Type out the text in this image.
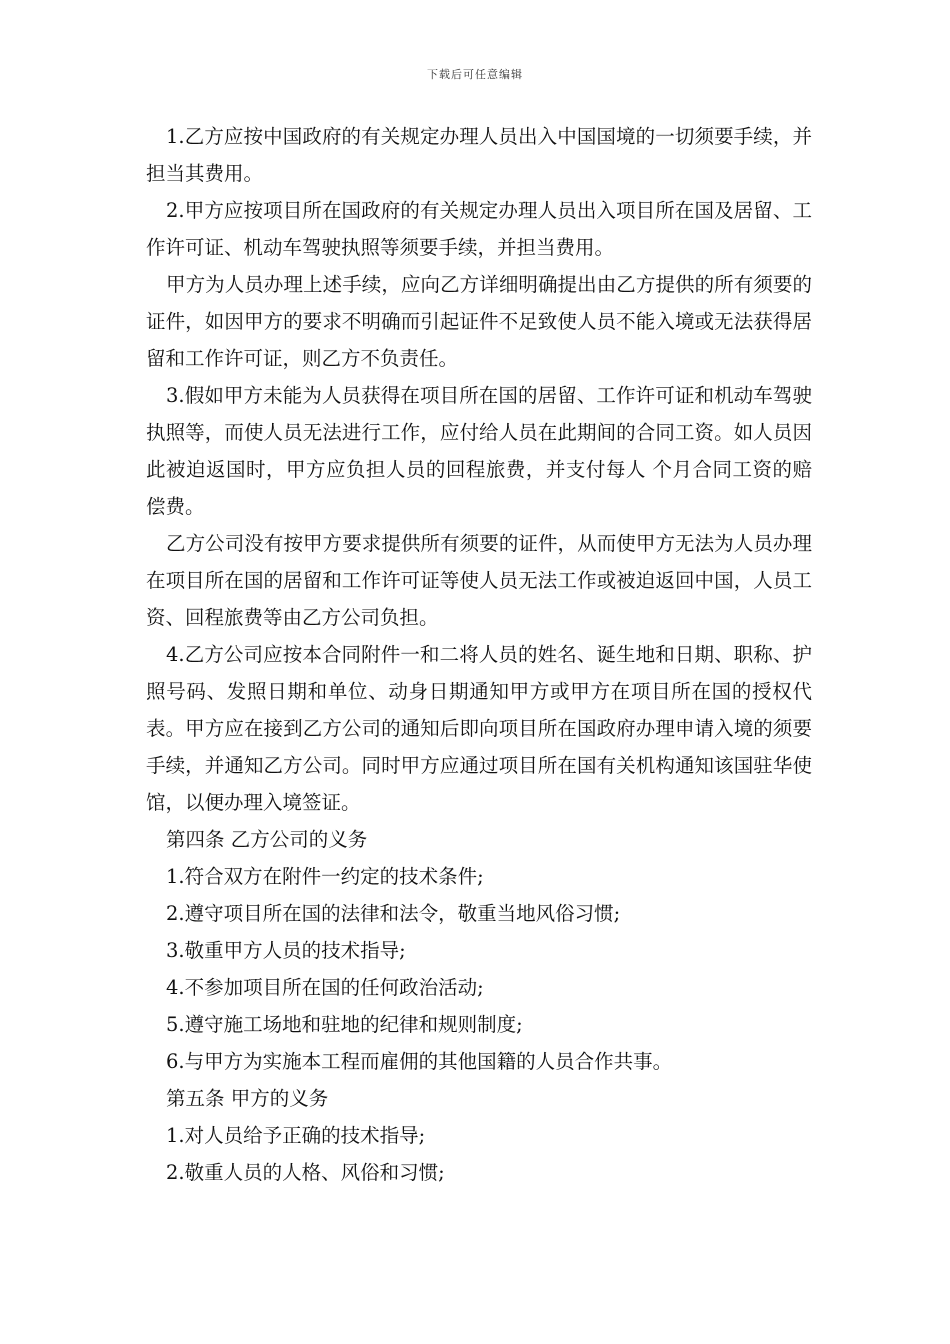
下载后可任意编辑

1.乙方应按中国政府的有关规定办理人员出入中国国境的一切须要手续，并担当其费用。

2.甲方应按项目所在国政府的有关规定办理人员出入项目所在国及居留、工作许可证、机动车驾驶执照等须要手续，并担当费用。

甲方为人员办理上述手续，应向乙方详细明确提出由乙方提供的所有须要的证件，如因甲方的要求不明确而引起证件不足致使人员不能入境或无法获得居留和工作许可证，则乙方不负责任。

3.假如甲方未能为人员获得在项目所在国的居留、工作许可证和机动车驾驶执照等，而使人员无法进行工作，应付给人员在此期间的合同工资。如人员因此被迫返国时，甲方应负担人员的回程旅费，并支付每人 个月合同工资的赔偿费。

乙方公司没有按甲方要求提供所有须要的证件，从而使甲方无法为人员办理在项目所在国的居留和工作许可证等使人员无法工作或被迫返回中国，人员工资、回程旅费等由乙方公司负担。

4.乙方公司应按本合同附件一和二将人员的姓名、诞生地和日期、职称、护照号码、发照日期和单位、动身日期通知甲方或甲方在项目所在国的授权代表。甲方应在接到乙方公司的通知后即向项目所在国政府办理申请入境的须要手续，并通知乙方公司。同时甲方应通过项目所在国有关机构通知该国驻华使馆，以便办理入境签证。

第四条 乙方公司的义务

1.符合双方在附件一约定的技术条件;

2.遵守项目所在国的法律和法令，敬重当地风俗习惯;

3.敬重甲方人员的技术指导;

4.不参加项目所在国的任何政治活动;

5.遵守施工场地和驻地的纪律和规则制度;

6.与甲方为实施本工程而雇佣的其他国籍的人员合作共事。

第五条 甲方的义务

1.对人员给予正确的技术指导;

2.敬重人员的人格、风俗和习惯;
